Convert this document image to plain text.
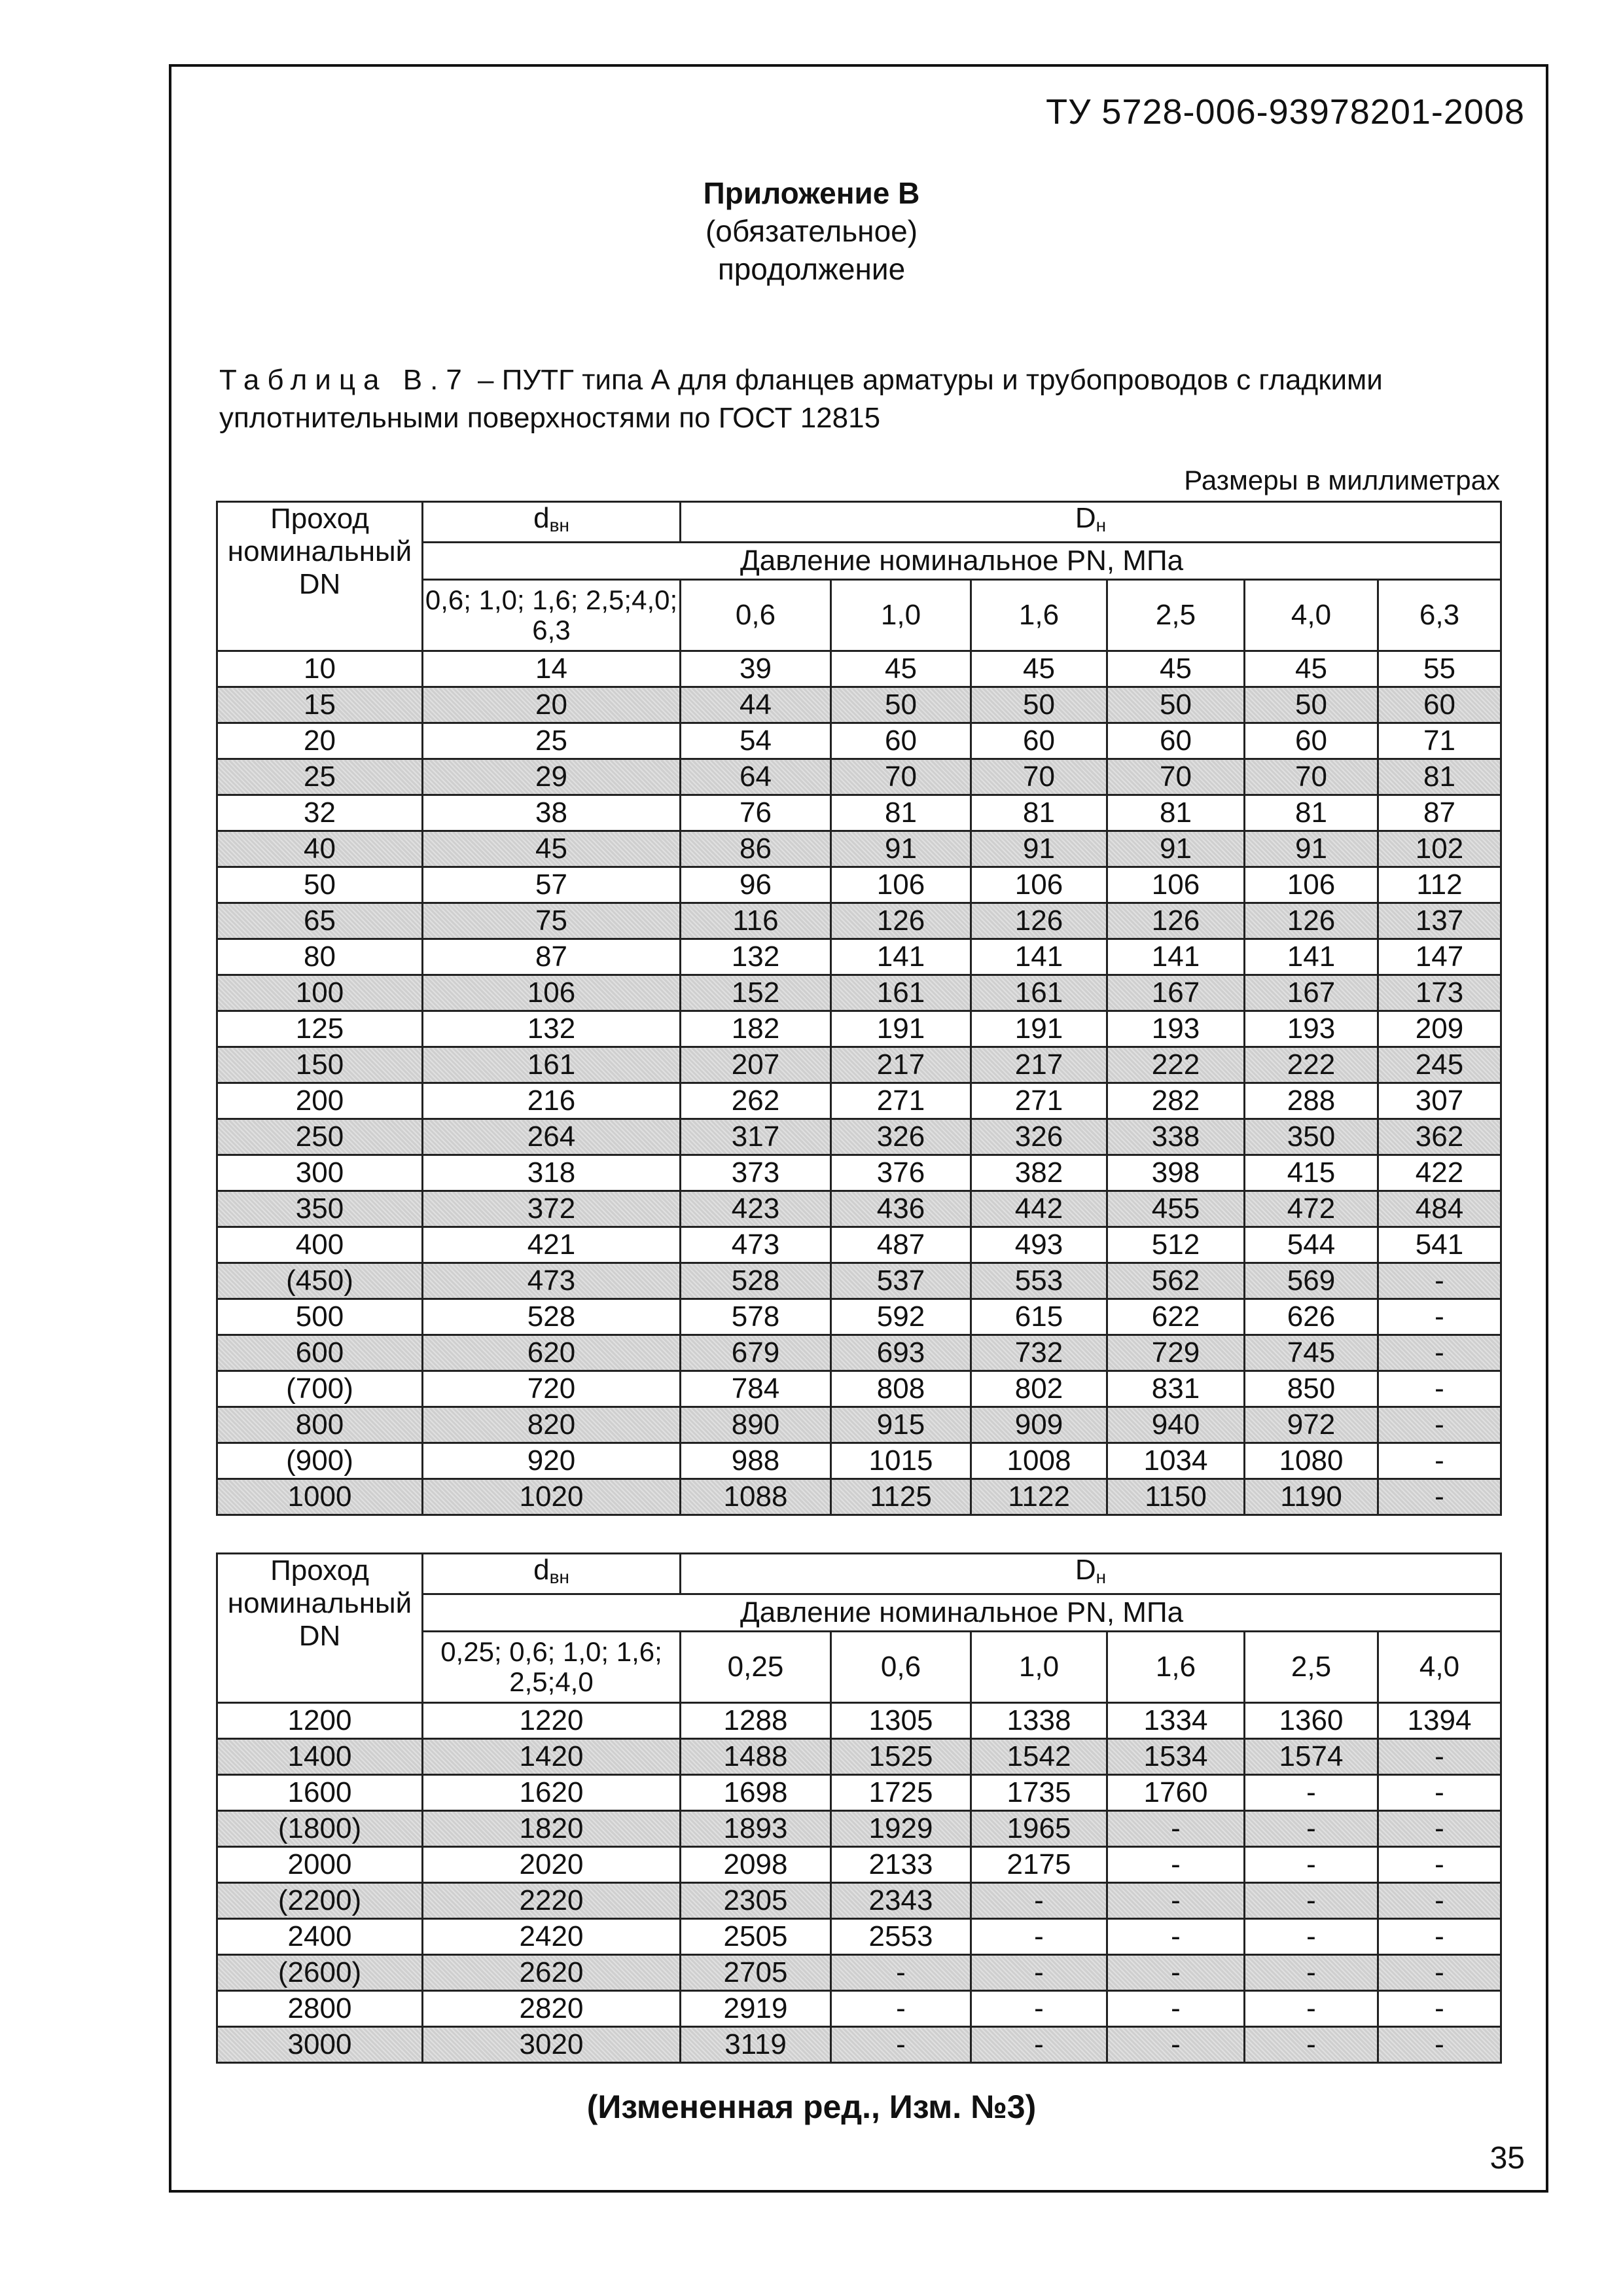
ТУ 5728-006-93978201-2008
Приложение В
(обязательное)
продолжение
Таблица В.7 – ПУТГ типа А для фланцев арматуры и трубопроводов с гладкими уплотнительными поверхностями по ГОСТ 12815
Размеры в миллиметрах
Проход номинальный DN	$d_{вн}$	$D_н$
	Давление номинальное PN, МПа						
	0,6; 1,0; 1,6; 2,5;4,0; 6,3	0,6	1,0	1,6	2,5	4,0	6,3
10	14	39	45	45	45	45	55
15	20	44	50	50	50	50	60
20	25	54	60	60	60	60	71
25	29	64	70	70	70	70	81
32	38	76	81	81	81	81	87
40	45	86	91	91	91	91	102
50	57	96	106	106	106	106	112
65	75	116	126	126	126	126	137
80	87	132	141	141	141	141	147
100	106	152	161	161	167	167	173
125	132	182	191	191	193	193	209
150	161	207	217	217	222	222	245
200	216	262	271	271	282	288	307
250	264	317	326	326	338	350	362
300	318	373	376	382	398	415	422
350	372	423	436	442	455	472	484
400	421	473	487	493	512	544	541
(450)	473	528	537	553	562	569	-
500	528	578	592	615	622	626	-
600	620	679	693	732	729	745	-
(700)	720	784	808	802	831	850	-
800	820	890	915	909	940	972	-
(900)	920	988	1015	1008	1034	1080	-
1000	1020	1088	1125	1122	1150	1190	-
Проход номинальный DN	$d_{вн}$	$D_н$
	Давление номинальное PN, МПа						
	0,25; 0,6; 1,0; 1,6; 2,5;4,0	0,25	0,6	1,0	1,6	2,5	4,0
1200	1220	1288	1305	1338	1334	1360	1394
1400	1420	1488	1525	1542	1534	1574	-
1600	1620	1698	1725	1735	1760	-	-
(1800)	1820	1893	1929	1965	-	-	-
2000	2020	2098	2133	2175	-	-	-
(2200)	2220	2305	2343	-	-	-	-
2400	2420	2505	2553	-	-	-	-
(2600)	2620	2705	-	-	-	-	-
2800	2820	2919	-	-	-	-	-
3000	3020	3119	-	-	-	-	-
(Измененная ред., Изм. №3)
35
